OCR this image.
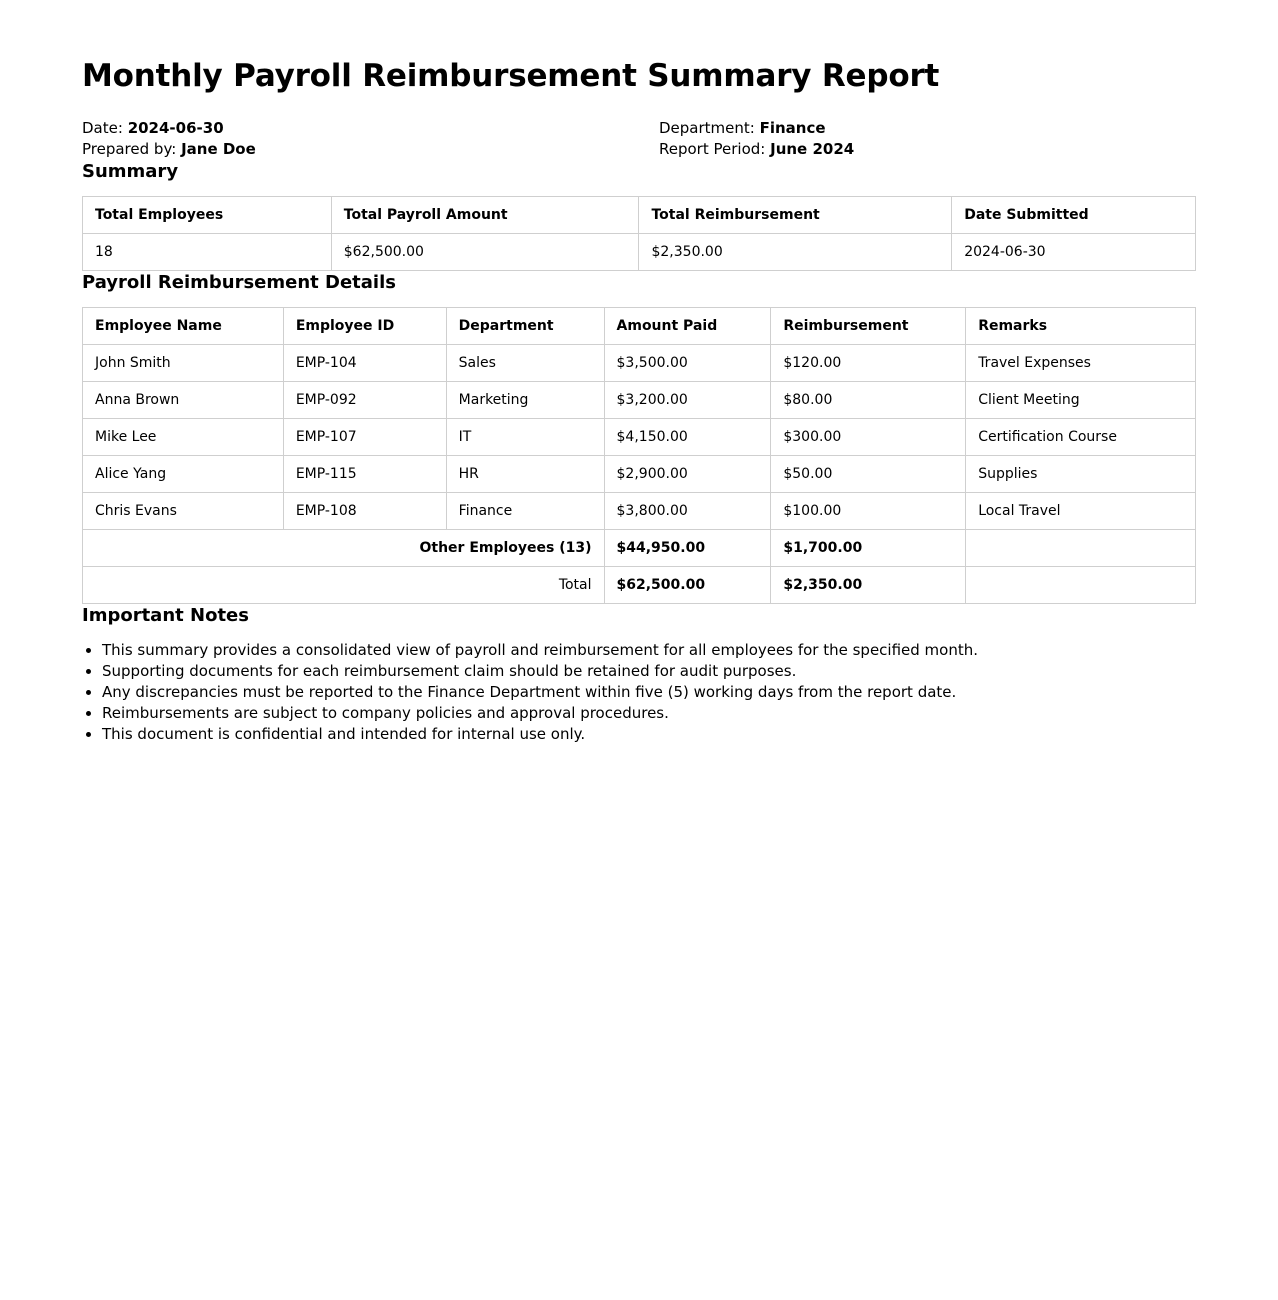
Monthly Payroll Reimbursement Summary Report
Date: 2024-06-30
Prepared by: Jane Doe
Department: Finance
Report Period: June 2024
Summary
Total Employees	Total Payroll Amount	Total Reimbursement	Date Submitted
18	$62,500.00	$2,350.00	2024-06-30
Payroll Reimbursement Details
Employee Name	Employee ID	Department	Amount Paid	Reimbursement	Remarks
John Smith	EMP-104	Sales	$3,500.00	$120.00	Travel Expenses
Anna Brown	EMP-092	Marketing	$3,200.00	$80.00	Client Meeting
Mike Lee	EMP-107	IT	$4,150.00	$300.00	Certification Course
Alice Yang	EMP-115	HR	$2,900.00	$50.00	Supplies
Chris Evans	EMP-108	Finance	$3,800.00	$100.00	Local Travel
Other Employees (13)			$44,950.00	$1,700.00	
Total			$62,500.00	$2,350.00	
Important Notes
• This summary provides a consolidated view of payroll and reimbursement for all employees for the specified month.
• Supporting documents for each reimbursement claim should be retained for audit purposes.
• Any discrepancies must be reported to the Finance Department within five (5) working days from the report date.
• Reimbursements are subject to company policies and approval procedures.
• This document is confidential and intended for internal use only.
